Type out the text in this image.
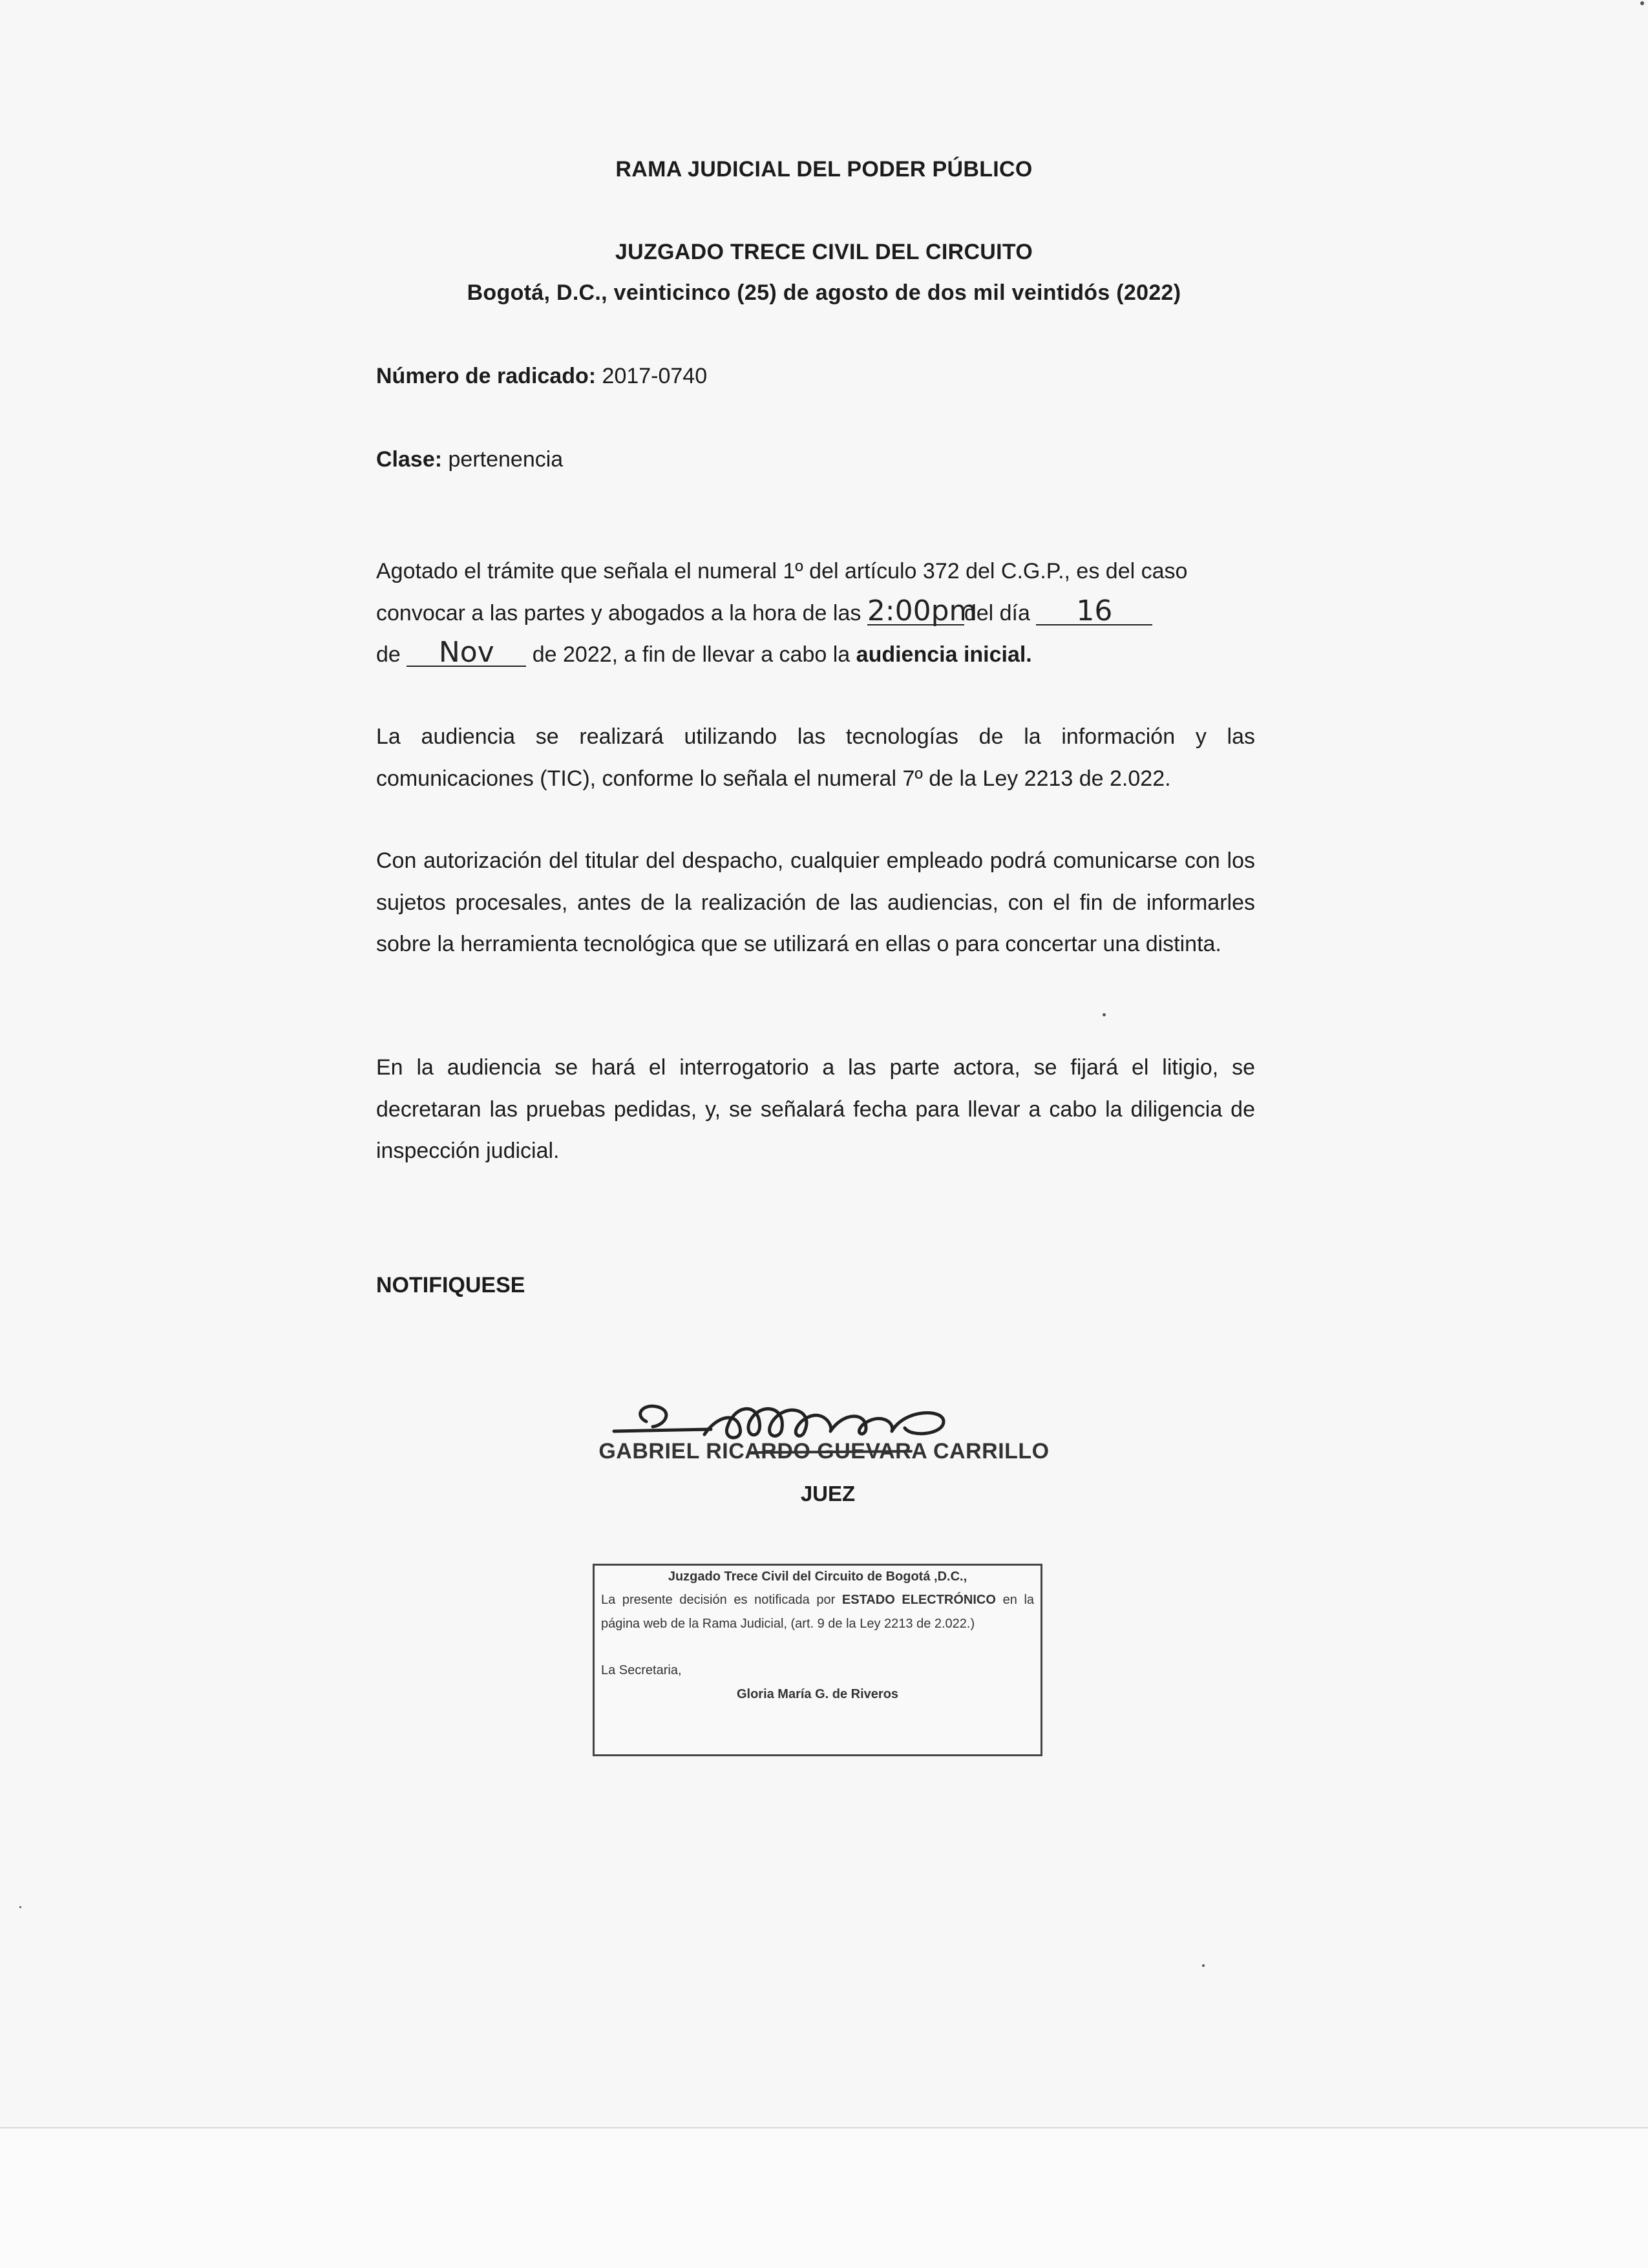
RAMA JUDICIAL DEL PODER PÚBLICO
JUZGADO TRECE CIVIL DEL CIRCUITO
Bogotá, D.C., veinticinco (25) de agosto de dos mil veintidós (2022)
Número de radicado: 2017-0740
Clase: pertenencia
Agotado el trámite que señala el numeral 1º del artículo 372 del C.G.P., es del caso
convocar a las partes y abogados a la hora de las 2:00pmdel día 16
de Nov de 2022, a fin de llevar a cabo la audiencia inicial.
La audiencia se realizará utilizando las tecnologías de la información y las comunicaciones (TIC), conforme lo señala el numeral 7º de la Ley 2213 de 2.022.
Con autorización del titular del despacho, cualquier empleado podrá comunicarse con los sujetos procesales, antes de la realización de las audiencias, con el fin de informarles sobre la herramienta tecnológica que se utilizará en ellas o para concertar una distinta.
En la audiencia se hará el interrogatorio a las parte actora, se fijará el litigio, se decretaran las pruebas pedidas, y, se señalará fecha para llevar a cabo la diligencia de inspección judicial.
NOTIFIQUESE
GABRIEL RICARDO GUEVARA CARRILLO
JUEZ
Juzgado Trece Civil del Circuito de Bogotá ,D.C.,
La presente decisión es notificada por ESTADO ELECTRÓNICO en la página web de la Rama Judicial, (art. 9 de la Ley 2213 de 2.022.)
La Secretaria,
Gloria María G. de Riveros
